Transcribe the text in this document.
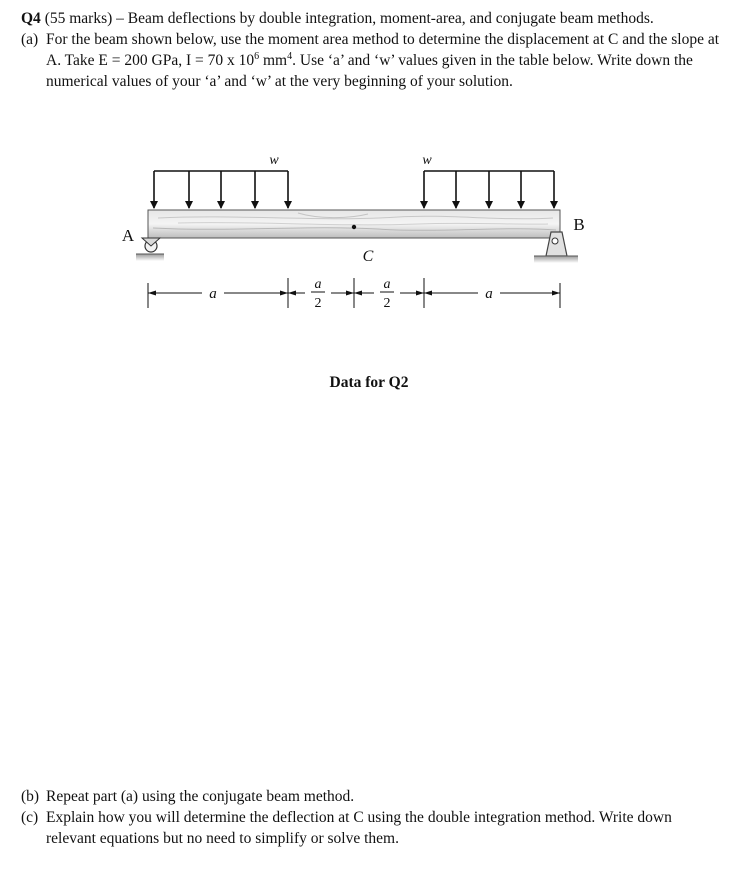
Q4 (55 marks) – Beam deflections by double integration, moment-area, and conjugate beam methods.
(a) For the beam shown below, use the moment area method to determine the displacement at C and the slope at A. Take E = 200 GPa, I = 70 x $10^6$ $mm^4$. Use ‘a’ and ‘w’ values given in the table below. Write down the numerical values of your ‘a’ and ‘w’ at the very beginning of your solution.
w	w
C
A
B
a
a
2
a
2
a
Data for Q2
(b) Repeat part (a) using the conjugate beam method.
(c) Explain how you will determine the deflection at C using the double integration method. Write down relevant equations but no need to simplify or solve them.
